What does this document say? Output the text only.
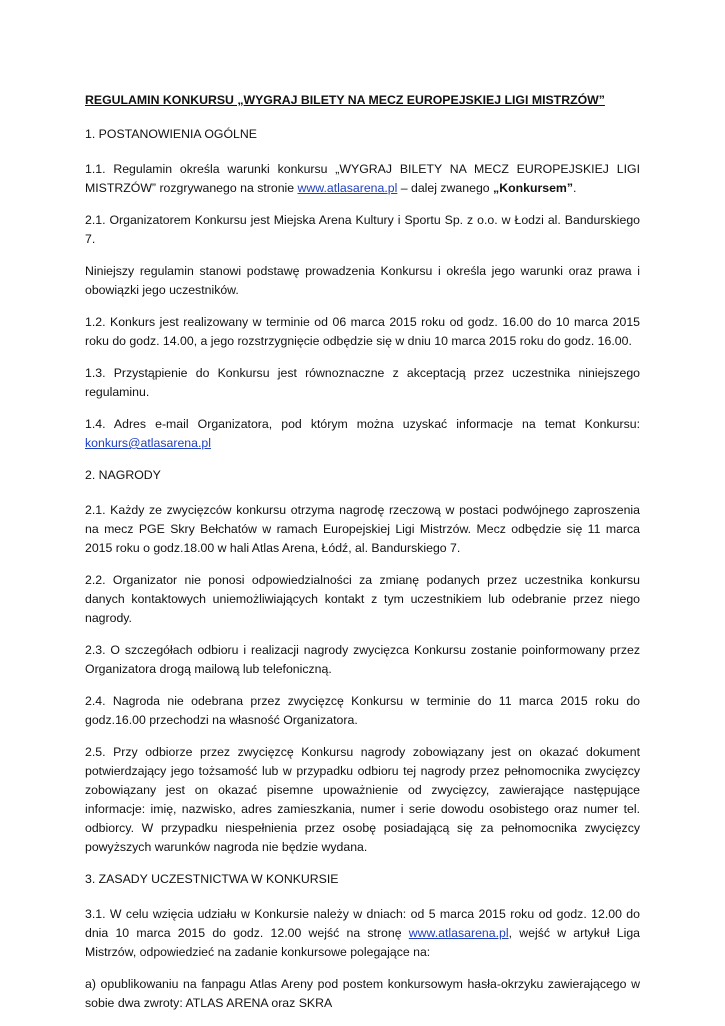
REGULAMIN KONKURSU „WYGRAJ BILETY NA MECZ EUROPEJSKIEJ LIGI MISTRZÓW”

1. POSTANOWIENIA OGÓLNE

1.1. Regulamin określa warunki konkursu „WYGRAJ BILETY NA MECZ EUROPEJSKIEJ LIGI MISTRZÓW” rozgrywanego na stronie www.atlasarena.pl – dalej zwanego „Konkursem”.

2.1. Organizatorem Konkursu jest Miejska Arena Kultury i Sportu Sp. z o.o. w Łodzi al. Bandurskiego 7.

Niniejszy regulamin stanowi podstawę prowadzenia Konkursu i określa jego warunki oraz prawa i obowiązki jego uczestników.

1.2. Konkurs jest realizowany w terminie od 06 marca 2015 roku od godz. 16.00 do 10 marca 2015 roku do godz. 14.00, a jego rozstrzygnięcie odbędzie się w dniu 10 marca 2015 roku do godz. 16.00.

1.3. Przystąpienie do Konkursu jest równoznaczne z akceptacją przez uczestnika niniejszego regulaminu.

1.4. Adres e-mail Organizatora, pod którym można uzyskać informacje na temat Konkursu: konkurs@atlasarena.pl

2. NAGRODY

2.1. Każdy ze zwycięzców konkursu otrzyma nagrodę rzeczową w postaci podwójnego zaproszenia na mecz PGE Skry Bełchatów w ramach Europejskiej Ligi Mistrzów. Mecz odbędzie się 11 marca 2015 roku o godz.18.00 w hali Atlas Arena, Łódź, al. Bandurskiego 7.

2.2. Organizator nie ponosi odpowiedzialności za zmianę podanych przez uczestnika konkursu danych kontaktowych uniemożliwiających kontakt z tym uczestnikiem lub odebranie przez niego nagrody.

2.3. O szczegółach odbioru i realizacji nagrody zwycięzca Konkursu zostanie poinformowany przez Organizatora drogą mailową lub telefoniczną.

2.4. Nagroda nie odebrana przez zwycięzcę Konkursu w terminie do 11 marca 2015 roku do godz.16.00 przechodzi na własność Organizatora.

2.5. Przy odbiorze przez zwycięzcę Konkursu nagrody zobowiązany jest on okazać dokument potwierdzający jego tożsamość lub w przypadku odbioru tej nagrody przez pełnomocnika zwycięzcy zobowiązany jest on okazać pisemne upoważnienie od zwycięzcy, zawierające następujące informacje: imię, nazwisko, adres zamieszkania, numer i serie dowodu osobistego oraz numer tel. odbiorcy. W przypadku niespełnienia przez osobę posiadającą się za pełnomocnika zwycięzcy powyższych warunków nagroda nie będzie wydana.

3. ZASADY UCZESTNICTWA W KONKURSIE

3.1. W celu wzięcia udziału w Konkursie należy w dniach: od 5 marca 2015 roku od godz. 12.00 do dnia 10 marca 2015 do godz. 12.00 wejść na stronę www.atlasarena.pl, wejść w artykuł Liga Mistrzów, odpowiedzieć na zadanie konkursowe polegające na:

a) opublikowaniu na fanpagu Atlas Areny pod postem konkursowym hasła-okrzyku zawierającego w sobie dwa zwroty: ATLAS ARENA oraz SKRA
